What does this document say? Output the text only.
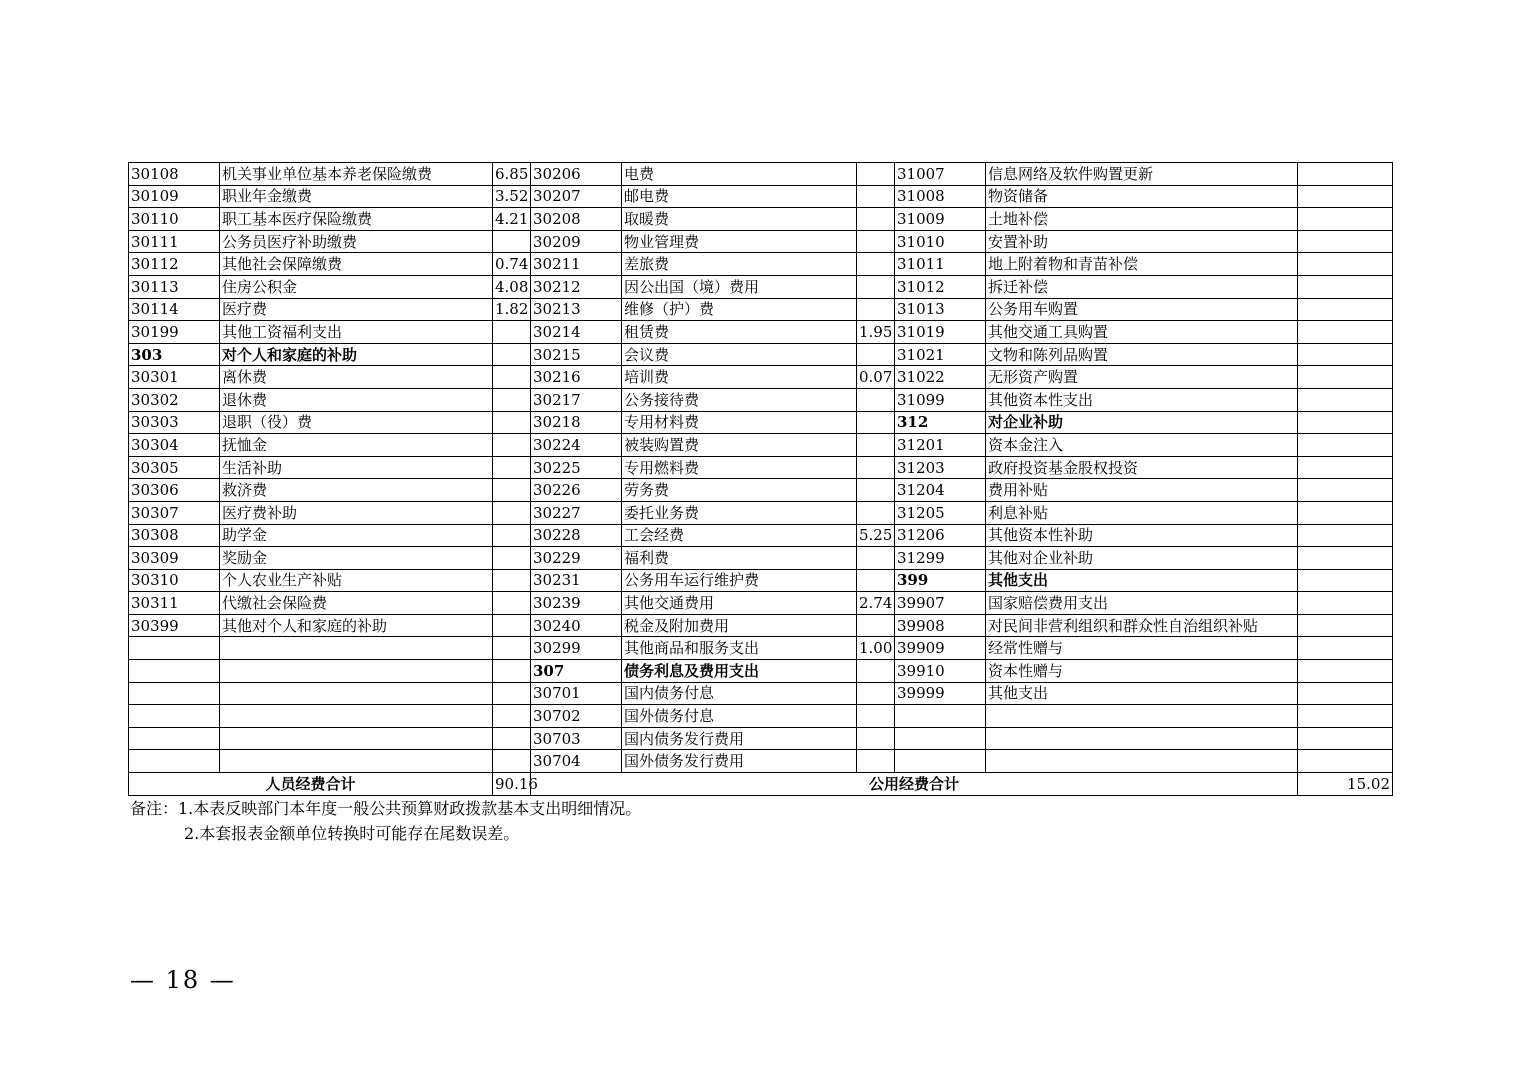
30108	机关事业单位基本养老保险缴费	6.85	30206	电费		31007	信息网络及软件购置更新	
30109	职业年金缴费	3.52	30207	邮电费		31008	物资储备	
30110	职工基本医疗保险缴费	4.21	30208	取暖费		31009	土地补偿	
30111	公务员医疗补助缴费		30209	物业管理费		31010	安置补助	
30112	其他社会保障缴费	0.74	30211	差旅费		31011	地上附着物和青苗补偿	
30113	住房公积金	4.08	30212	因公出国（境）费用		31012	拆迁补偿	
30114	医疗费	1.82	30213	维修（护）费		31013	公务用车购置	
30199	其他工资福利支出		30214	租赁费	1.95	31019	其他交通工具购置	
303	对个人和家庭的补助		30215	会议费		31021	文物和陈列品购置	
30301	离休费		30216	培训费	0.07	31022	无形资产购置	
30302	退休费		30217	公务接待费		31099	其他资本性支出	
30303	退职（役）费		30218	专用材料费		312	对企业补助	
30304	抚恤金		30224	被装购置费		31201	资本金注入	
30305	生活补助		30225	专用燃料费		31203	政府投资基金股权投资	
30306	救济费		30226	劳务费		31204	费用补贴	
30307	医疗费补助		30227	委托业务费		31205	利息补贴	
30308	助学金		30228	工会经费	5.25	31206	其他资本性补助	
30309	奖励金		30229	福利费		31299	其他对企业补助	
30310	个人农业生产补贴		30231	公务用车运行维护费		399	其他支出	
30311	代缴社会保险费		30239	其他交通费用	2.74	39907	国家赔偿费用支出	
30399	其他对个人和家庭的补助		30240	税金及附加费用		39908	对民间非营利组织和群众性自治组织补贴	
			30299	其他商品和服务支出	1.00	39909	经常性赠与	
			307	债务利息及费用支出		39910	资本性赠与	
			30701	国内债务付息		39999	其他支出	
			30702	国外债务付息				
			30703	国内债务发行费用				
			30704	国外债务发行费用				
人员经费合计		90.16	公用经费合计					15.02
备注：1.本表反映部门本年度一般公共预算财政拨款基本支出明细情况。
2.本套报表金额单位转换时可能存在尾数误差。
— 18 —
